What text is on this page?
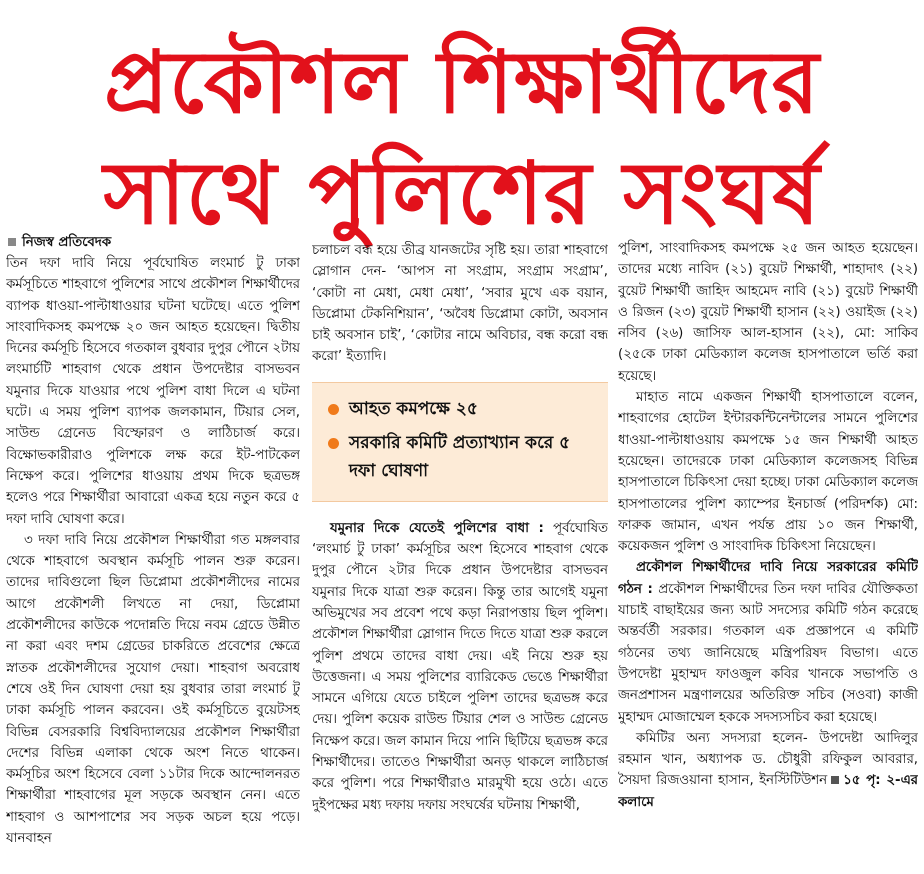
প্রকৌশল শিক্ষার্থীদের
সাথে পুলিশের সংঘর্ষ
নিজস্ব প্রতিবেদক

তিন দফা দাবি নিয়ে পূর্বঘোষিত লংমার্চ টু ঢাকা কর্মসূচিতে শাহবাগে পুলিশের সাথে প্রকৌশল শিক্ষার্থীদের ব্যাপক ধাওয়া-পাল্টাধাওয়ার ঘটনা ঘটেছে। এতে পুলিশ সাংবাদিকসহ কমপক্ষে ২০ জন আহত হয়েছেন। দ্বিতীয় দিনের কর্মসূচি হিসেবে গতকাল বুধবার দুপুর পৌনে ২টায় লংমার্চটি শাহবাগ থেকে প্রধান উপদেষ্টার বাসভবন যমুনার দিকে যাওয়ার পথে পুলিশ বাধা দিলে এ ঘটনা ঘটে। এ সময় পুলিশ ব্যাপক জলকামান, টিয়ার সেল, সাউন্ড গ্রেনেড বিস্ফোরণ ও লাঠিচার্জ করে। বিক্ষোভকারীরাও পুলিশকে লক্ষ করে ইট-পাটকেল নিক্ষেপ করে। পুলিশের ধাওয়ায় প্রথম দিকে ছত্রভঙ্গ হলেও পরে শিক্ষার্থীরা আবারো একত্র হয়ে নতুন করে ৫ দফা দাবি ঘোষণা করে।

৩ দফা দাবি নিয়ে প্রকৌশল শিক্ষার্থীরা গত মঙ্গলবার থেকে শাহবাগে অবস্থান কর্মসূচি পালন শুরু করেন। তাদের দাবিগুলো ছিল ডিপ্লোমা প্রকৌশলীদের নামের আগে প্রকৌশলী লিখতে না দেয়া, ডিপ্লোমা প্রকৌশলীদের কাউকে পদোন্নতি দিয়ে নবম গ্রেডে উন্নীত না করা এবং দশম গ্রেডের চাকরিতে প্রবেশের ক্ষেত্রে স্নাতক প্রকৌশলীদের সুযোগ দেয়া। শাহবাগ অবরোধ শেষে ওই দিন ঘোষণা দেয়া হয় বুধবার তারা লংমার্চ টু ঢাকা কর্মসূচি পালন করবেন। ওই কর্মসূচিতে বুয়েটসহ বিভিন্ন বেসরকারি বিশ্ববিদ্যালয়ের প্রকৌশল শিক্ষার্থীরা দেশের বিভিন্ন এলাকা থেকে অংশ নিতে থাকেন। কর্মসূচির অংশ হিসেবে বেলা ১১টার দিকে আন্দোলনরত শিক্ষার্থীরা শাহবাগের মূল সড়কে অবস্থান নেন। এতে শাহবাগ ও আশপাশের সব সড়ক অচল হয়ে পড়ে। যানবাহন

চলাচল বন্ধ হয়ে তীব্র যানজটের সৃষ্টি হয়। তারা শাহবাগে স্লোগান দেন- ‘আপস না সংগ্রাম, সংগ্রাম সংগ্রাম’, ‘কোটা না মেধা, মেধা মেধা’, ‘সবার মুখে এক বয়ান, ডিপ্লোমা টেকনিশিয়ান’, ‘অবৈধ ডিপ্লোমা কোটা, অবসান চাই অবসান চাই’, ‘কোটার নামে অবিচার, বন্ধ করো বন্ধ করো’ ইত্যাদি।

আহত কমপক্ষে ২৫
সরকারি কমিটি প্রত্যাখ্যান করে ৫ দফা ঘোষণা

যমুনার দিকে যেতেই পুলিশের বাধা : পূর্বঘোষিত ‘লংমার্চ টু ঢাকা’ কর্মসূচির অংশ হিসেবে শাহবাগ থেকে দুপুর পৌনে ২টার দিকে প্রধান উপদেষ্টার বাসভবন যমুনার দিকে যাত্রা শুরু করেন। কিন্তু তার আগেই যমুনা অভিমুখের সব প্রবেশ পথে কড়া নিরাপত্তায় ছিল পুলিশ। প্রকৌশল শিক্ষার্থীরা স্লোগান দিতে দিতে যাত্রা শুরু করলে পুলিশ প্রথমে তাদের বাধা দেয়। এই নিয়ে শুরু হয় উত্তেজনা। এ সময় পুলিশের ব্যারিকেড ভেঙে শিক্ষার্থীরা সামনে এগিয়ে যেতে চাইলে পুলিশ তাদের ছত্রভঙ্গ করে দেয়। পুলিশ কয়েক রাউন্ড টিয়ার শেল ও সাউন্ড গ্রেনেড নিক্ষেপ করে। জল কামান দিয়ে পানি ছিটিয়ে ছত্রভঙ্গ করে শিক্ষার্থীদের। তাতেও শিক্ষার্থীরা অনড় থাকলে লাঠিচার্জ করে পুলিশ। পরে শিক্ষার্থীরাও মারমুখী হয়ে ওঠে। এতে দুইপক্ষের মধ্য দফায় দফায় সংঘর্ষের ঘটনায় শিক্ষার্থী,

পুলিশ, সাংবাদিকসহ কমপক্ষে ২৫ জন আহত হয়েছেন। তাদের মধ্যে নাবিদ (২১) বুয়েট শিক্ষার্থী, শাহাদাৎ (২২) বুয়েট শিক্ষার্থী জাহিদ আহমেদ নাবি (২১) বুয়েট শিক্ষার্থী ও রিজন (২৩) বুয়েট শিক্ষার্থী হাসান (২২) ওয়াইজ (২২) নসিব (২৬) জাসিফ আল-হাসান (২২), মো: সাকিব (২৫কে ঢাকা মেডিক্যাল কলেজ হাসপাতালে ভর্তি করা হয়েছে।

মাহাত নামে একজন শিক্ষার্থী হাসপাতালে বলেন, শাহবাগের হোটেল ইন্টারকন্টিনেন্টালের সামনে পুলিশের ধাওয়া-পাল্টাধাওয়ায় কমপক্ষে ১৫ জন শিক্ষার্থী আহত হয়েছেন। তাদেরকে ঢাকা মেডিক্যাল কলেজসহ বিভিন্ন হাসপাতালে চিকিৎসা দেয়া হচ্ছে। ঢাকা মেডিক্যাল কলেজ হাসপাতালের পুলিশ ক্যাম্পের ইনচার্জ (পরিদর্শক) মো: ফারুক জামান, এখন পর্যন্ত প্রায় ১০ জন শিক্ষার্থী, কয়েকজন পুলিশ ও সাংবাদিক চিকিৎসা নিয়েছেন।

প্রকৌশল শিক্ষার্থীদের দাবি নিয়ে সরকারের কমিটি গঠন : প্রকৌশল শিক্ষার্থীদের তিন দফা দাবির যৌক্তিকতা যাচাই বাছাইয়ের জন্য আট সদস্যের কমিটি গঠন করেছে অন্তর্বর্তী সরকার। গতকাল এক প্রজ্ঞাপনে এ কমিটি গঠনের তথ্য জানিয়েছে মন্ত্রিপরিষদ বিভাগ। এতে উপদেষ্টা মুহাম্মদ ফাওজুল কবির খানকে সভাপতি ও জনপ্রশাসন মন্ত্রণালয়ের অতিরিক্ত সচিব (সওবা) কাজী মুহাম্মদ মোজাম্মেল হককে সদস্যসচিব করা হয়েছে।

কমিটির অন্য সদস্যরা হলেন- উপদেষ্টা আদিলুর রহমান খান, অধ্যাপক ড. চৌধুরী রফিকুল আবরার, সৈয়দা রিজওয়ানা হাসান, ইনস্টিটিউশন ১৫ পৃ: ২-এর কলামে
